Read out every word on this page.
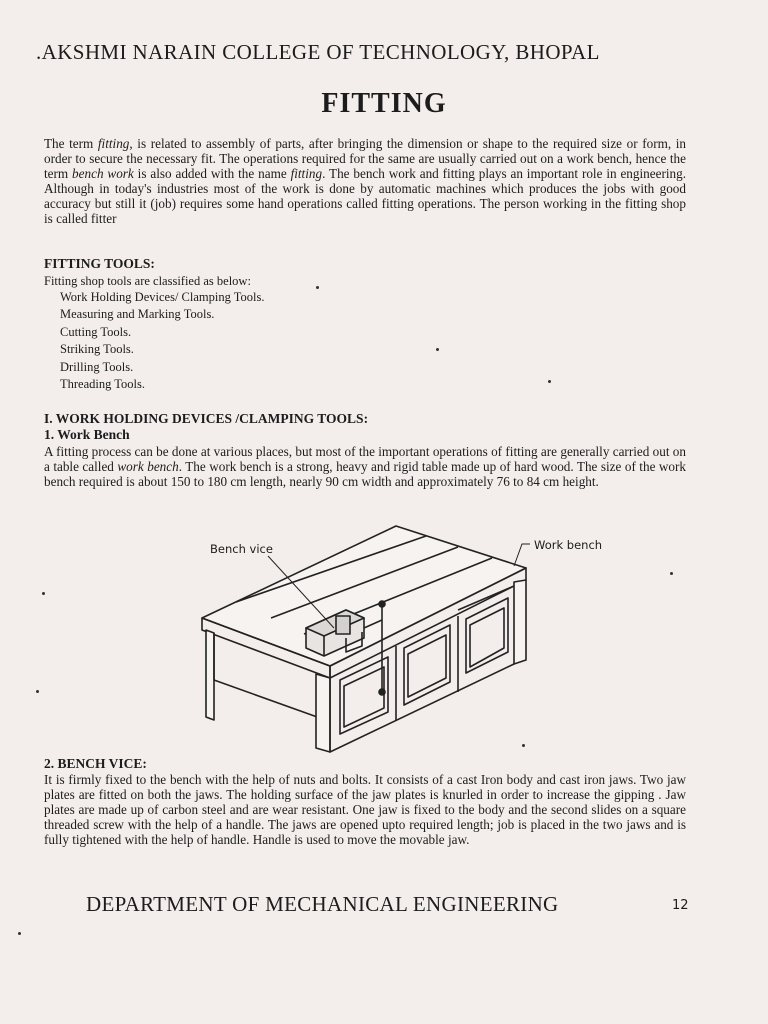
.AKSHMI NARAIN COLLEGE OF TECHNOLOGY, BHOPAL
FITTING
The term fitting, is related to assembly of parts, after bringing the dimension or shape to the required size or form, in order to secure the necessary fit. The operations required for the same are usually carried out on a work bench, hence the term bench work is also added with the name fitting. The bench work and fitting plays an important role in engineering. Although in today's industries most of the work is done by automatic machines which produces the jobs with good accuracy but still it (job) requires some hand operations called fitting operations. The person working in the fitting shop is called fitter
FITTING TOOLS:
Fitting shop tools are classified as below:
Work Holding Devices/ Clamping Tools.
Measuring and Marking Tools.
Cutting Tools.
Striking Tools.
Drilling Tools.
Threading Tools.
I. WORK HOLDING DEVICES /CLAMPING TOOLS:
1. Work Bench
A fitting process can be done at various places, but most of the important operations of fitting are generally carried out on a table called work bench. The work bench is a strong, heavy and rigid table made up of hard wood. The size of the work bench required is about 150 to 180 cm length, nearly 90 cm width and approximately 76 to 84 cm height.
Bench vice	Work bench
2. BENCH VICE:
It is firmly fixed to the bench with the help of nuts and bolts. It consists of a cast Iron body and cast iron jaws. Two jaw plates are fitted on both the jaws. The holding surface of the jaw plates is knurled in order to increase the gipping . Jaw plates are made up of carbon steel and are wear resistant. One jaw is fixed to the body and the second slides on a square threaded screw with the help of a handle. The jaws are opened upto required length; job is placed in the two jaws and is fully tightened with the help of handle. Handle is used to move the movable jaw.
DEPARTMENT OF MECHANICAL ENGINEERING	12
